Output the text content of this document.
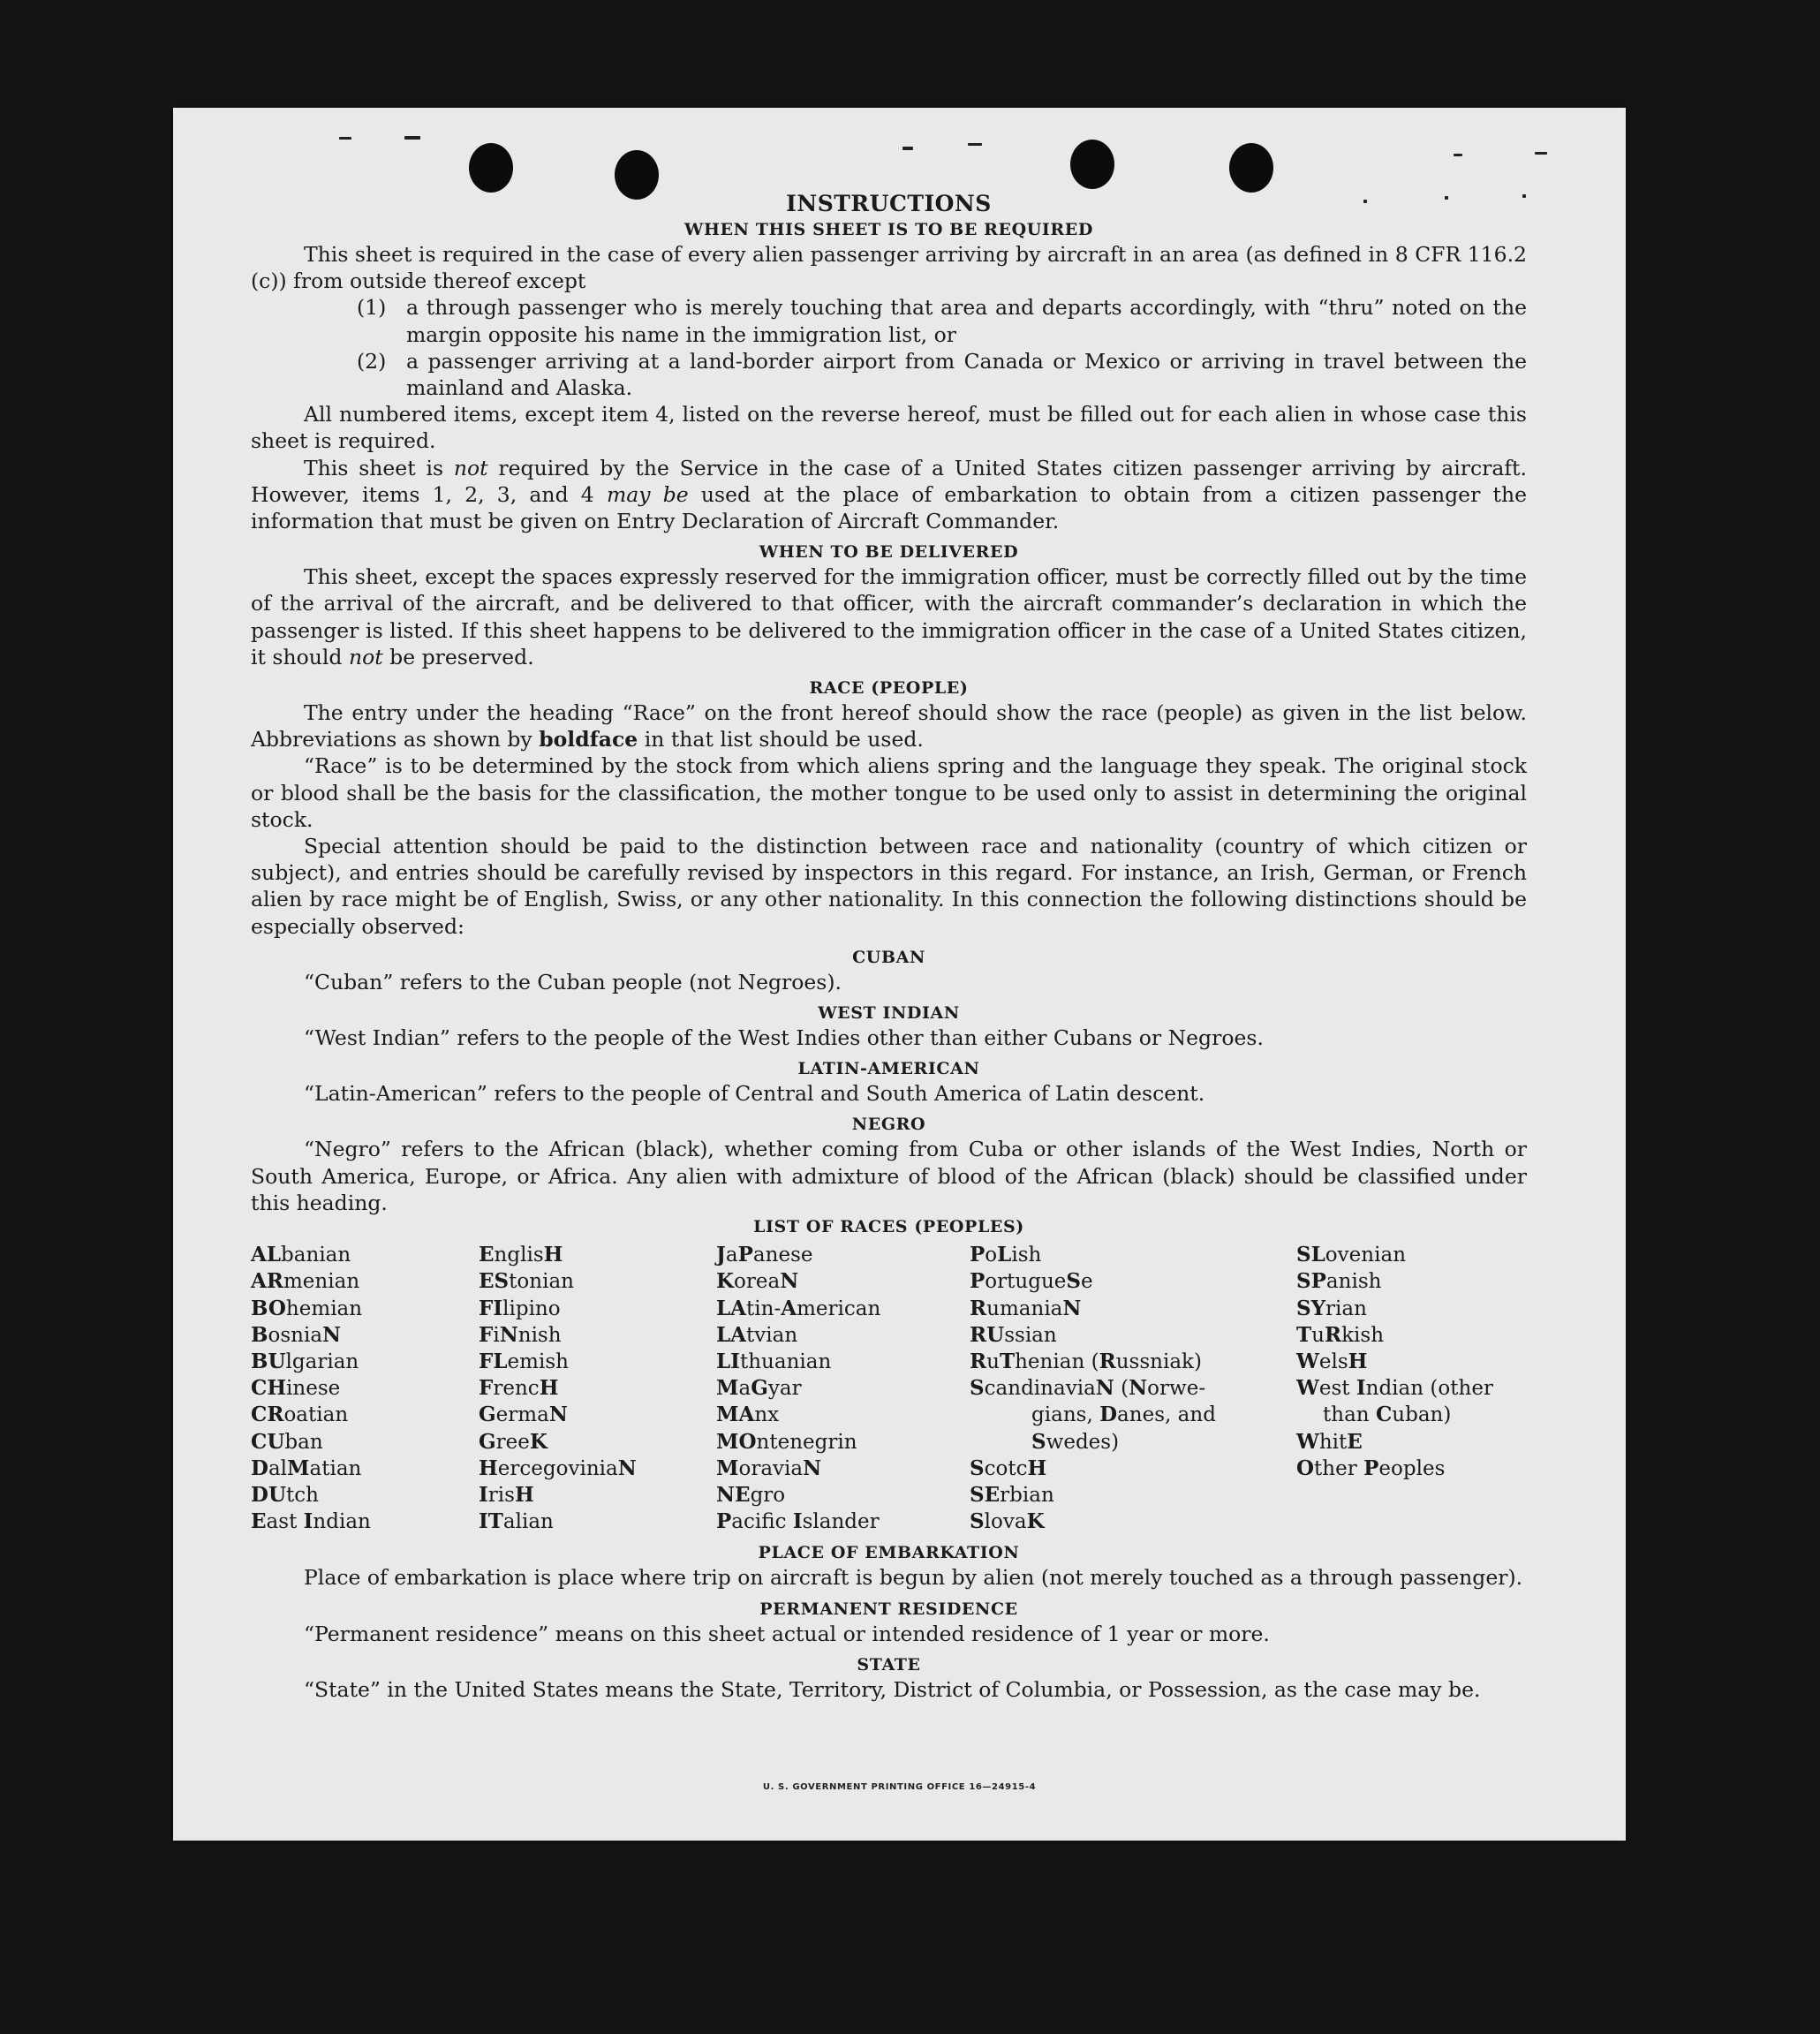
INSTRUCTIONS
WHEN THIS SHEET IS TO BE REQUIRED

This sheet is required in the case of every alien passenger arriving by aircraft in an area (as defined in 8 CFR 116.2 (c)) from outside thereof except

(1) a through passenger who is merely touching that area and departs accordingly, with “thru” noted on the margin opposite his name in the immigration list, or
(2) a passenger arriving at a land-border airport from Canada or Mexico or arriving in travel between the mainland and Alaska.

All numbered items, except item 4, listed on the reverse hereof, must be filled out for each alien in whose case this sheet is required.

This sheet is not required by the Service in the case of a United States citizen passenger arriving by aircraft. However, items 1, 2, 3, and 4 may be used at the place of embarkation to obtain from a citizen passenger the information that must be given on Entry Declaration of Aircraft Commander.

WHEN TO BE DELIVERED

This sheet, except the spaces expressly reserved for the immigration officer, must be correctly filled out by the time of the arrival of the aircraft, and be delivered to that officer, with the aircraft commander’s declaration in which the passenger is listed. If this sheet happens to be delivered to the immigration officer in the case of a United States citizen, it should not be preserved.

RACE (PEOPLE)

The entry under the heading “Race” on the front hereof should show the race (people) as given in the list below. Abbreviations as shown by boldface in that list should be used.

“Race” is to be determined by the stock from which aliens spring and the language they speak. The original stock or blood shall be the basis for the classification, the mother tongue to be used only to assist in determining the original stock.

Special attention should be paid to the distinction between race and nationality (country of which citizen or subject), and entries should be carefully revised by inspectors in this regard. For instance, an Irish, German, or French alien by race might be of English, Swiss, or any other nationality. In this connection the following distinctions should be especially observed:

CUBAN

“Cuban” refers to the Cuban people (not Negroes).

WEST INDIAN

“West Indian” refers to the people of the West Indies other than either Cubans or Negroes.

LATIN-AMERICAN

“Latin-American” refers to the people of Central and South America of Latin descent.

NEGRO

“Negro” refers to the African (black), whether coming from Cuba or other islands of the West Indies, North or South America, Europe, or Africa. Any alien with admixture of blood of the African (black) should be classified under this heading.

LIST OF RACES (PEOPLES)
ALbanian
ARmenian
BOhemian
BosniaN
BUlgarian
CHinese
CRoatian
CUban
DalMatian
DUtch
East Indian
EnglisH
EStonian
FIlipino
FiNnish
FLemish
FrencH
GermaN
GreeK
HercegoviniaN
IrisH
ITalian
JaPanese
KoreaN
LAtin-American
LAtvian
LIthuanian
MaGyar
MAnx
MOntenegrin
MoraviaN
NEgro
Pacifc Islander
PoLish
PortugueSe
RumaniaN
RUssian
RuThenian (Russniak)
ScandinaviaN (Norwe-
gians, Danes, and
Swedes)
ScotcH
SErbian
SlovaK
SLovenian
SPanish
SYrian
TuRkish
WelsH
West Indian (other
than Cuban)
WhitE
Other Peoples
PLACE OF EMBARKATION

Place of embarkation is place where trip on aircraft is begun by alien (not merely touched as a through passenger).

PERMANENT RESIDENCE

“Permanent residence” means on this sheet actual or intended residence of 1 year or more.

STATE

“State” in the United States means the State, Territory, District of Columbia, or Possession, as the case may be.

U. S. GOVERNMENT PRINTING OFFICE 16—24915-4
